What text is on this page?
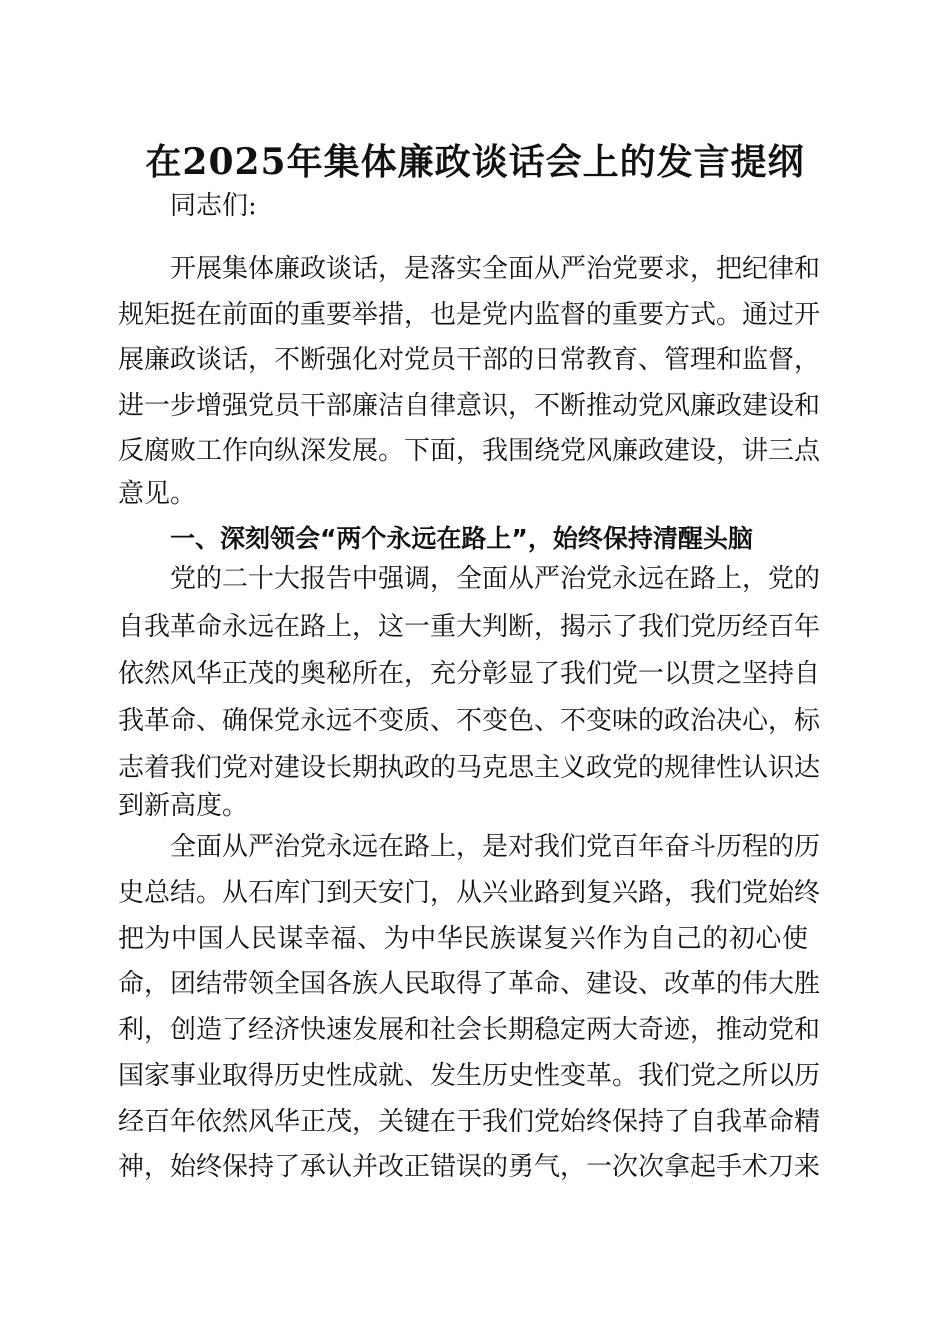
在2025年集体廉政谈话会上的发言提纲
同志们:
开展集体廉政谈话，是落实全面从严治党要求，把纪律和
规矩挺在前面的重要举措，也是党内监督的重要方式。通过开
展廉政谈话，不断强化对党员干部的日常教育、管理和监督，
进一步增强党员干部廉洁自律意识，不断推动党风廉政建设和
反腐败工作向纵深发展。下面，我围绕党风廉政建设，讲三点
意见。
一、深刻领会“两个永远在路上”，始终保持清醒头脑
党的二十大报告中强调，全面从严治党永远在路上，党的
自我革命永远在路上，这一重大判断，揭示了我们党历经百年
依然风华正茂的奥秘所在，充分彰显了我们党一以贯之坚持自
我革命、确保党永远不变质、不变色、不变味的政治决心，标
志着我们党对建设长期执政的马克思主义政党的规律性认识达
到新高度。
全面从严治党永远在路上，是对我们党百年奋斗历程的历
史总结。从石库门到天安门，从兴业路到复兴路，我们党始终
把为中国人民谋幸福、为中华民族谋复兴作为自己的初心使
命，团结带领全国各族人民取得了革命、建设、改革的伟大胜
利，创造了经济快速发展和社会长期稳定两大奇迹，推动党和
国家事业取得历史性成就、发生历史性变革。我们党之所以历
经百年依然风华正茂，关键在于我们党始终保持了自我革命精
神，始终保持了承认并改正错误的勇气，一次次拿起手术刀来
